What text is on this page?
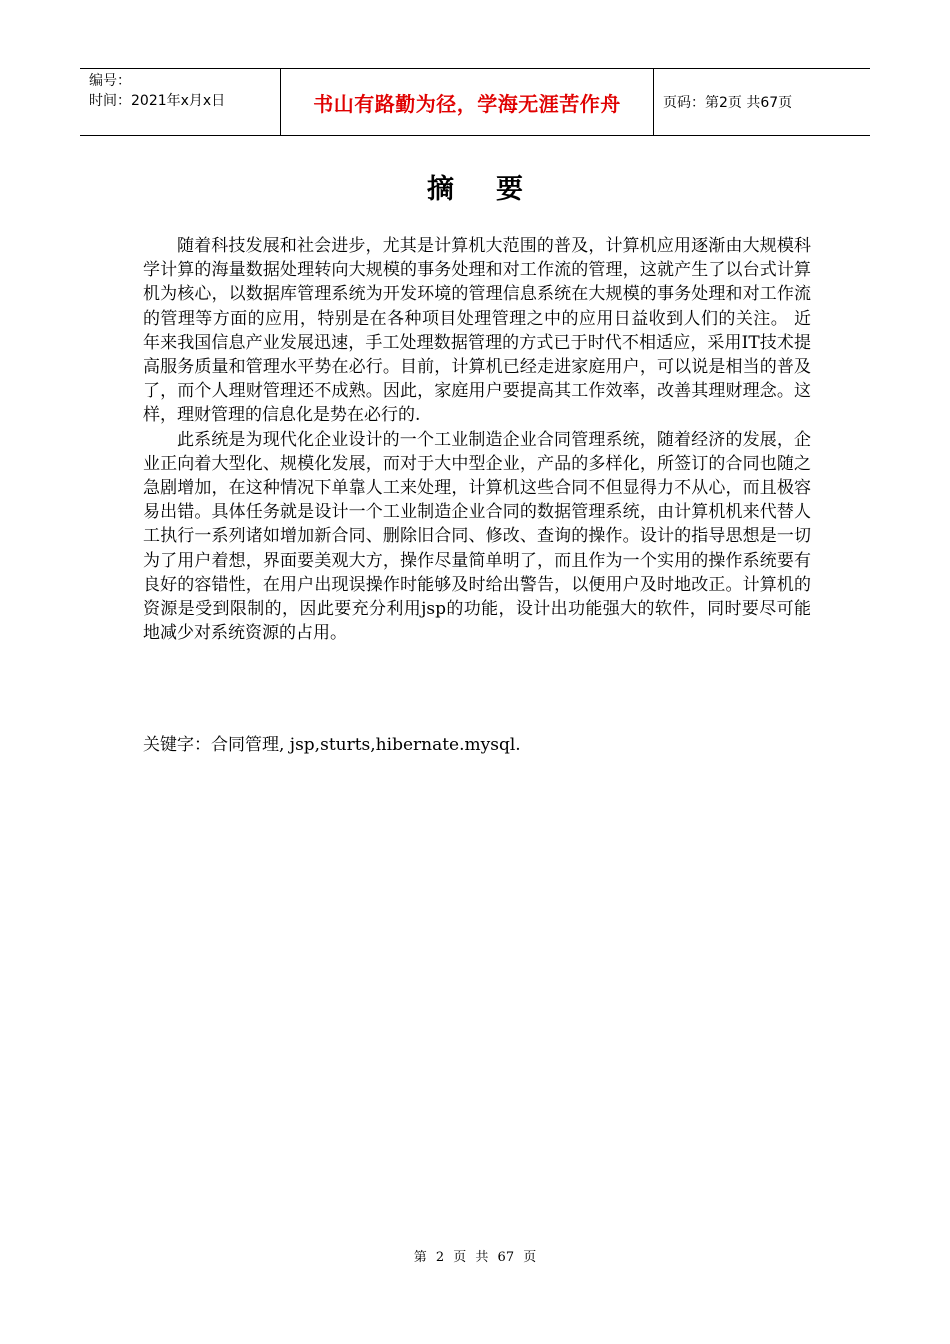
编号：
时间：2021年x月x日	书山有路勤为径，学海无涯苦作舟	页码：第2页 共67页
摘要

随着科技发展和社会进步，尤其是计算机大范围的普及，计算机应用逐渐由大规模科学计算的海量数据处理转向大规模的事务处理和对工作流的管理，这就产生了以台式计算机为核心，以数据库管理系统为开发环境的管理信息系统在大规模的事务处理和对工作流的管理等方面的应用，特别是在各种项目处理管理之中的应用日益收到人们的关注。 近年来我国信息产业发展迅速，手工处理数据管理的方式已于时代不相适应，采用IT技术提高服务质量和管理水平势在必行。目前，计算机已经走进家庭用户，可以说是相当的普及了，而个人理财管理还不成熟。因此，家庭用户要提高其工作效率，改善其理财理念。这样，理财管理的信息化是势在必行的.

此系统是为现代化企业设计的一个工业制造企业合同管理系统，随着经济的发展，企业正向着大型化、规模化发展，而对于大中型企业，产品的多样化，所签订的合同也随之急剧增加，在这种情况下单靠人工来处理，计算机这些合同不但显得力不从心，而且极容易出错。具体任务就是设计一个工业制造企业合同的数据管理系统，由计算机机来代替人工执行一系列诸如增加新合同、删除旧合同、修改、查询的操作。设计的指导思想是一切为了用户着想，界面要美观大方，操作尽量简单明了，而且作为一个实用的操作系统要有良好的容错性，在用户出现误操作时能够及时给出警告，以便用户及时地改正。计算机的资源是受到限制的，因此要充分利用jsp的功能，设计出功能强大的软件，同时要尽可能地减少对系统资源的占用。

关键字：合同管理, jsp,sturts,hibernate.mysql.
第 2 页 共 67 页
